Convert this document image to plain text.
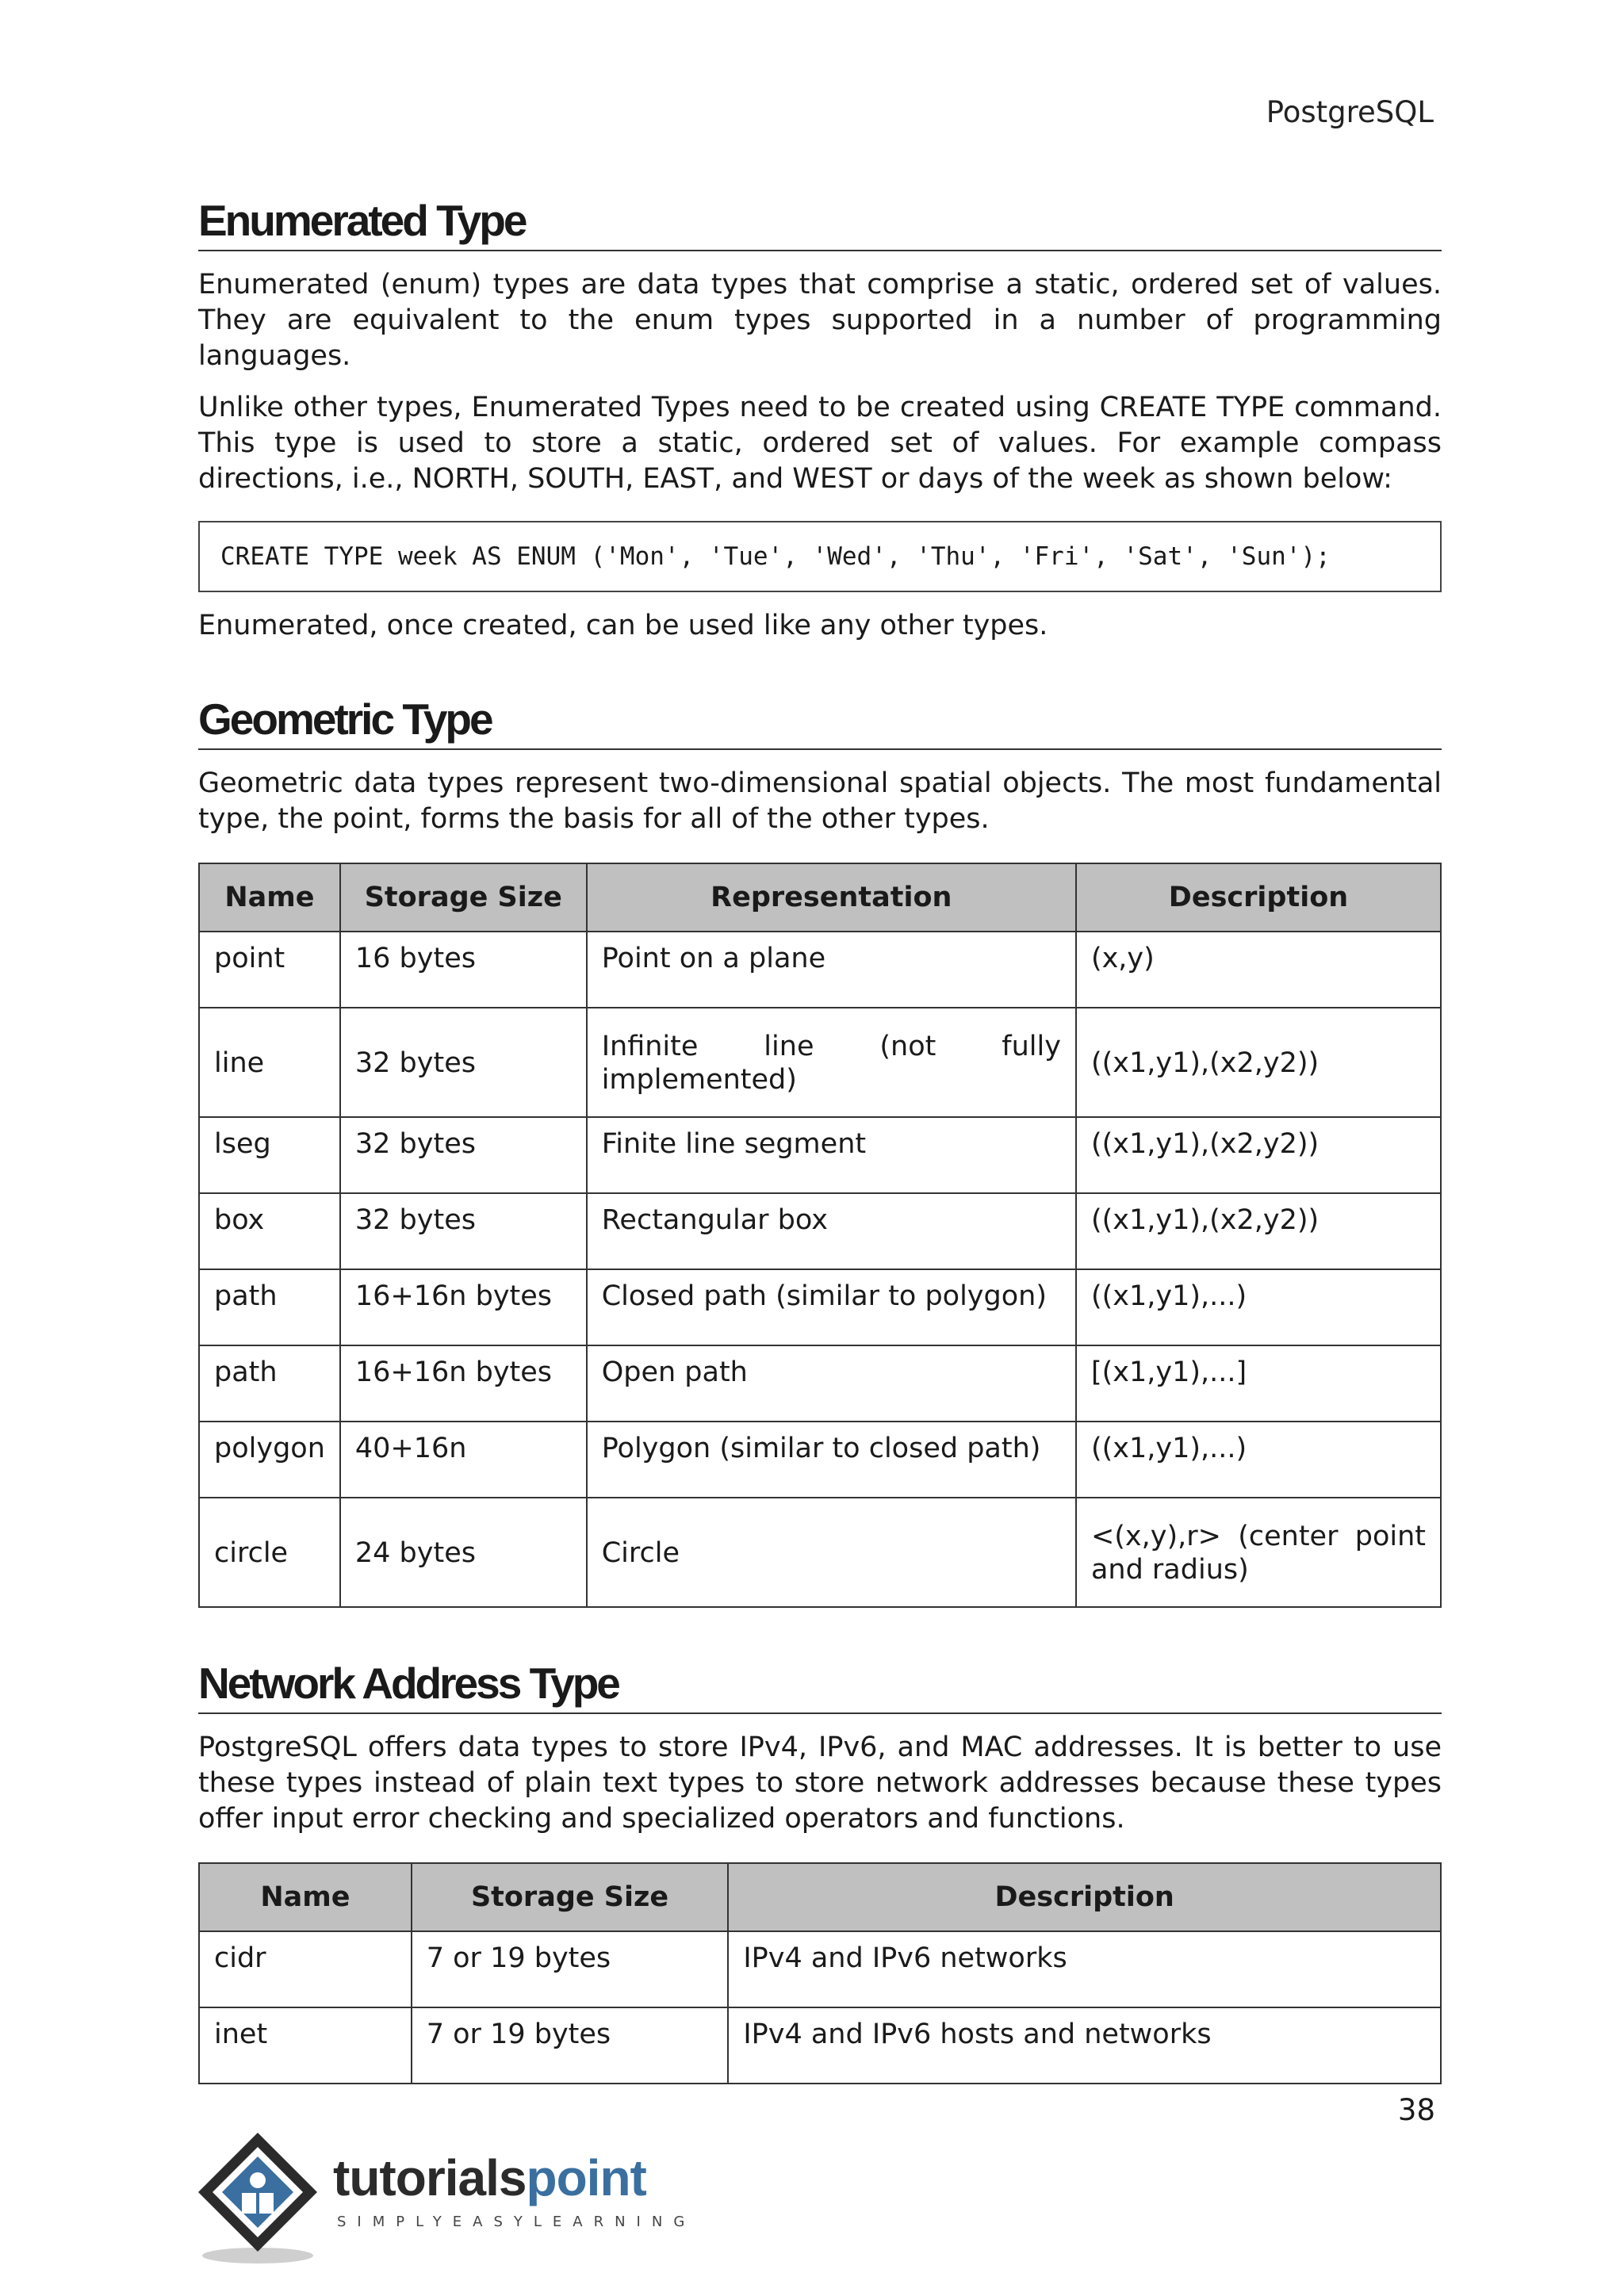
PostgreSQL
Enumerated Type

Enumerated (enum) types are data types that comprise a static, ordered set of values. They are equivalent to the enum types supported in a number of programming languages.

Unlike other types, Enumerated Types need to be created using CREATE TYPE command. This type is used to store a static, ordered set of values. For example compass directions, i.e., NORTH, SOUTH, EAST, and WEST or days of the week as shown below:

CREATE TYPE week AS ENUM ('Mon', 'Tue', 'Wed', 'Thu', 'Fri', 'Sat', 'Sun');

Enumerated, once created, can be used like any other types.

Geometric Type

Geometric data types represent two-dimensional spatial objects. The most fundamental type, the point, forms the basis for all of the other types.

Name	Storage Size	Representation	Description
point	16 bytes	Point on a plane	(x,y)
line	32 bytes	Infinite line (not fully implemented)	((x1,y1),(x2,y2))
lseg	32 bytes	Finite line segment	((x1,y1),(x2,y2))
box	32 bytes	Rectangular box	((x1,y1),(x2,y2))
path	16+16n bytes	Closed path (similar to polygon)	((x1,y1),...)
path	16+16n bytes	Open path	[(x1,y1),...]
polygon	40+16n	Polygon (similar to closed path)	((x1,y1),...)
circle	24 bytes	Circle	<(x,y),r> (center point and radius)
Network Address Type

PostgreSQL offers data types to store IPv4, IPv6, and MAC addresses. It is better to use these types instead of plain text types to store network addresses because these types offer input error checking and specialized operators and functions.

Name	Storage Size	Description
cidr	7 or 19 bytes	IPv4 and IPv6 networks
inet	7 or 19 bytes	IPv4 and IPv6 hosts and networks
38
tutorialspoint
SIMPLYEASYLEARNING
